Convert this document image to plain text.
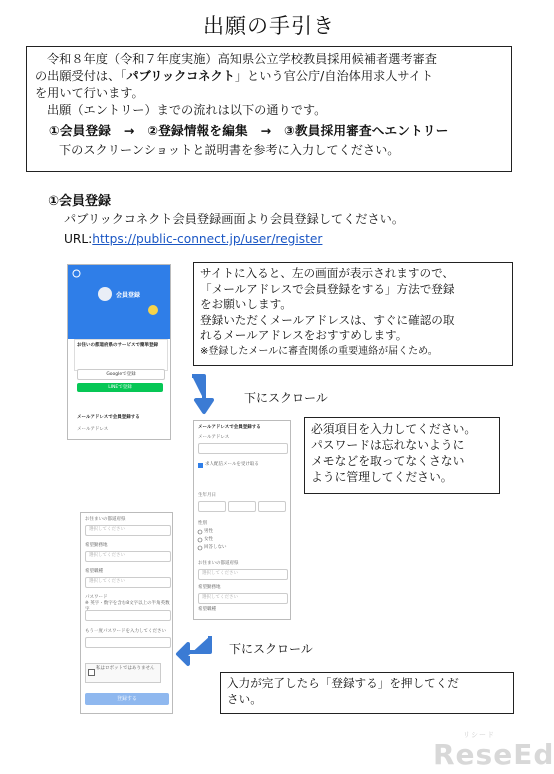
出願の手引き

令和８年度（令和７年度実施）高知県公立学校教員採用候補者選考審査

の出願受付は、「パブリックコネクト」という官公庁/自治体用求人サイト

を用いて行います。

出願（エントリー）までの流れは以下の通りです。

①会員登録　→　②登録情報を編集　→　③教員採用審査へエントリー

下のスクリーンショットと説明書を参考に入力してください。

①会員登録
パブリックコネクト会員登録画面より会員登録してください。
URL:https://public-connect.jp/user/register
会員登録
お住いの都道府県のサービスで簡単登録
Googleで登録
LINEで登録
メールアドレスで会員登録する
メールアドレス
下にスクロール
サイトに入ると、左の画面が表示されますので、
「メールアドレスで会員登録をする」方法で登録
をお願いします。
登録いただくメールアドレスは、すぐに確認の取
れるメールアドレスをおすすめします。
※登録したメールに審査関係の重要連絡が届くため。
メールアドレスで会員登録する
メールアドレス
求人配信メールを受け取る
生年月日
性別
男性
女性
回答しない
お住まいの都道府県
選択してください
希望勤務地
選択してください
希望職種
必須項目を入力してください。
パスワードは忘れないように
メモなどを取ってなくさない
ように管理してください。
お住まいの都道府県
選択してください
希望勤務地
選択してください
希望職種
選択してください
パスワード
※ 英字・数字を含む8文字以上の半角英数
もう一度パスワードを入力してください
私はロボットではありません
登録する
下にスクロール
入力が完了したら「登録する」を押してくだ
さい。
リシード
ReseEd
